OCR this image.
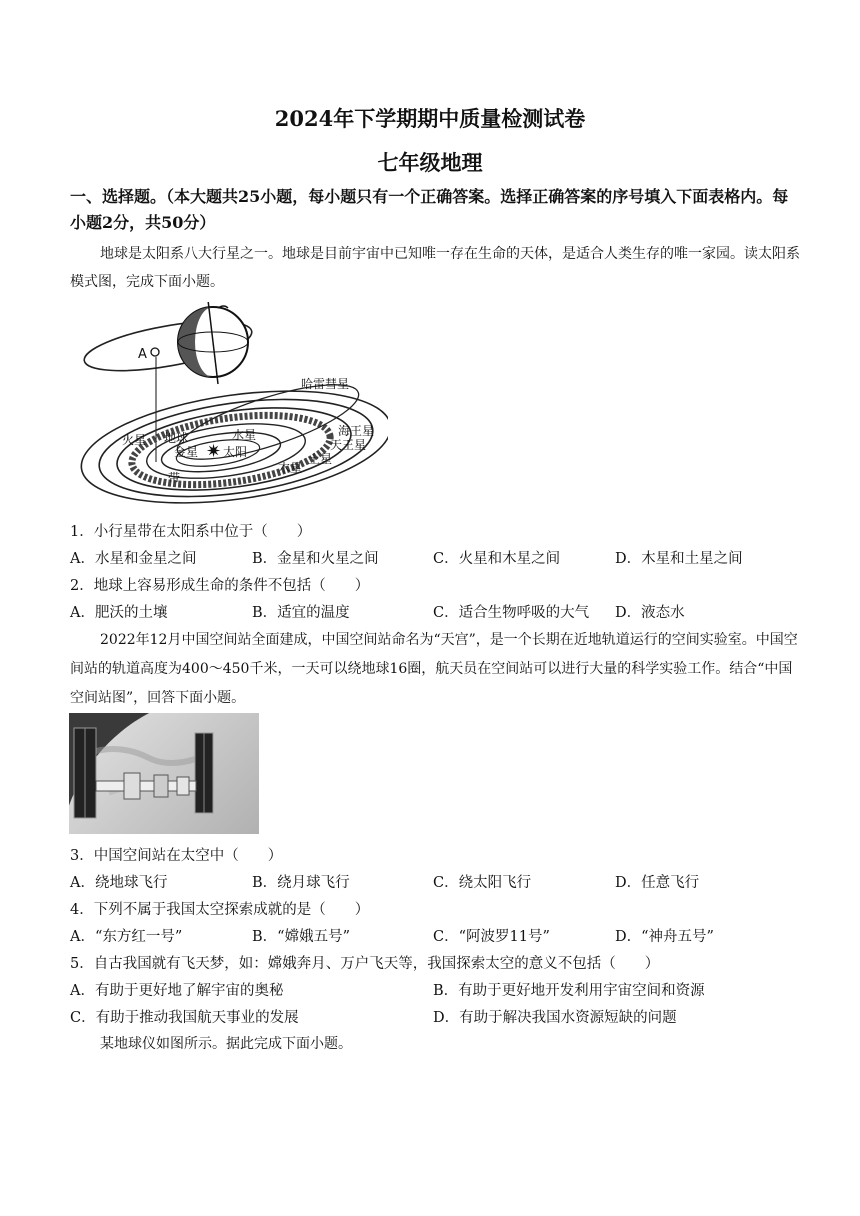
2024年下学期期中质量检测试卷
七年级地理
一、选择题。（本大题共25小题，每小题只有一个正确答案。选择正确答案的序号填入下面表格内。每小题2分，共50分）
地球是太阳系八大行星之一。地球是目前宇宙中已知唯一存在生命的天体，是适合人类生存的唯一家园。读太阳系模式图，完成下面小题。
A
✷
哈雷彗星
火星 地球	水星
金星 太阳
海王星
天王星
土星
木星
带
1．小行星带在太阳系中位于（　　）
A．水星和金星之间	B．金星和火星之间	C．火星和木星之间	D．木星和土星之间
2．地球上容易形成生命的条件不包括（　　）
A．肥沃的土壤	B．适宜的温度	C．适合生物呼吸的大气 D．液态水
2022年12月中国空间站全面建成，中国空间站命名为“天宫”，是一个长期在近地轨道运行的空间实验室。中国空间站的轨道高度为400～450千米，一天可以绕地球16圈，航天员在空间站可以进行大量的科学实验工作。结合“中国空间站图”，回答下面小题。
3．中国空间站在太空中（　　）
A．绕地球飞行	B．绕月球飞行	C．绕太阳飞行	D．任意飞行
4．下列不属于我国太空探索成就的是（　　）
A．“东方红一号”	B．“嫦娥五号”	C．“阿波罗11号”	D．“神舟五号”
5．自古我国就有飞天梦，如：嫦娥奔月、万户飞天等，我国探索太空的意义不包括（　　）
A．有助于更好地了解宇宙的奥秘	B．有助于更好地开发利用宇宙空间和资源
C．有助于推动我国航天事业的发展	D．有助于解决我国水资源短缺的问题
某地球仪如图所示。据此完成下面小题。
